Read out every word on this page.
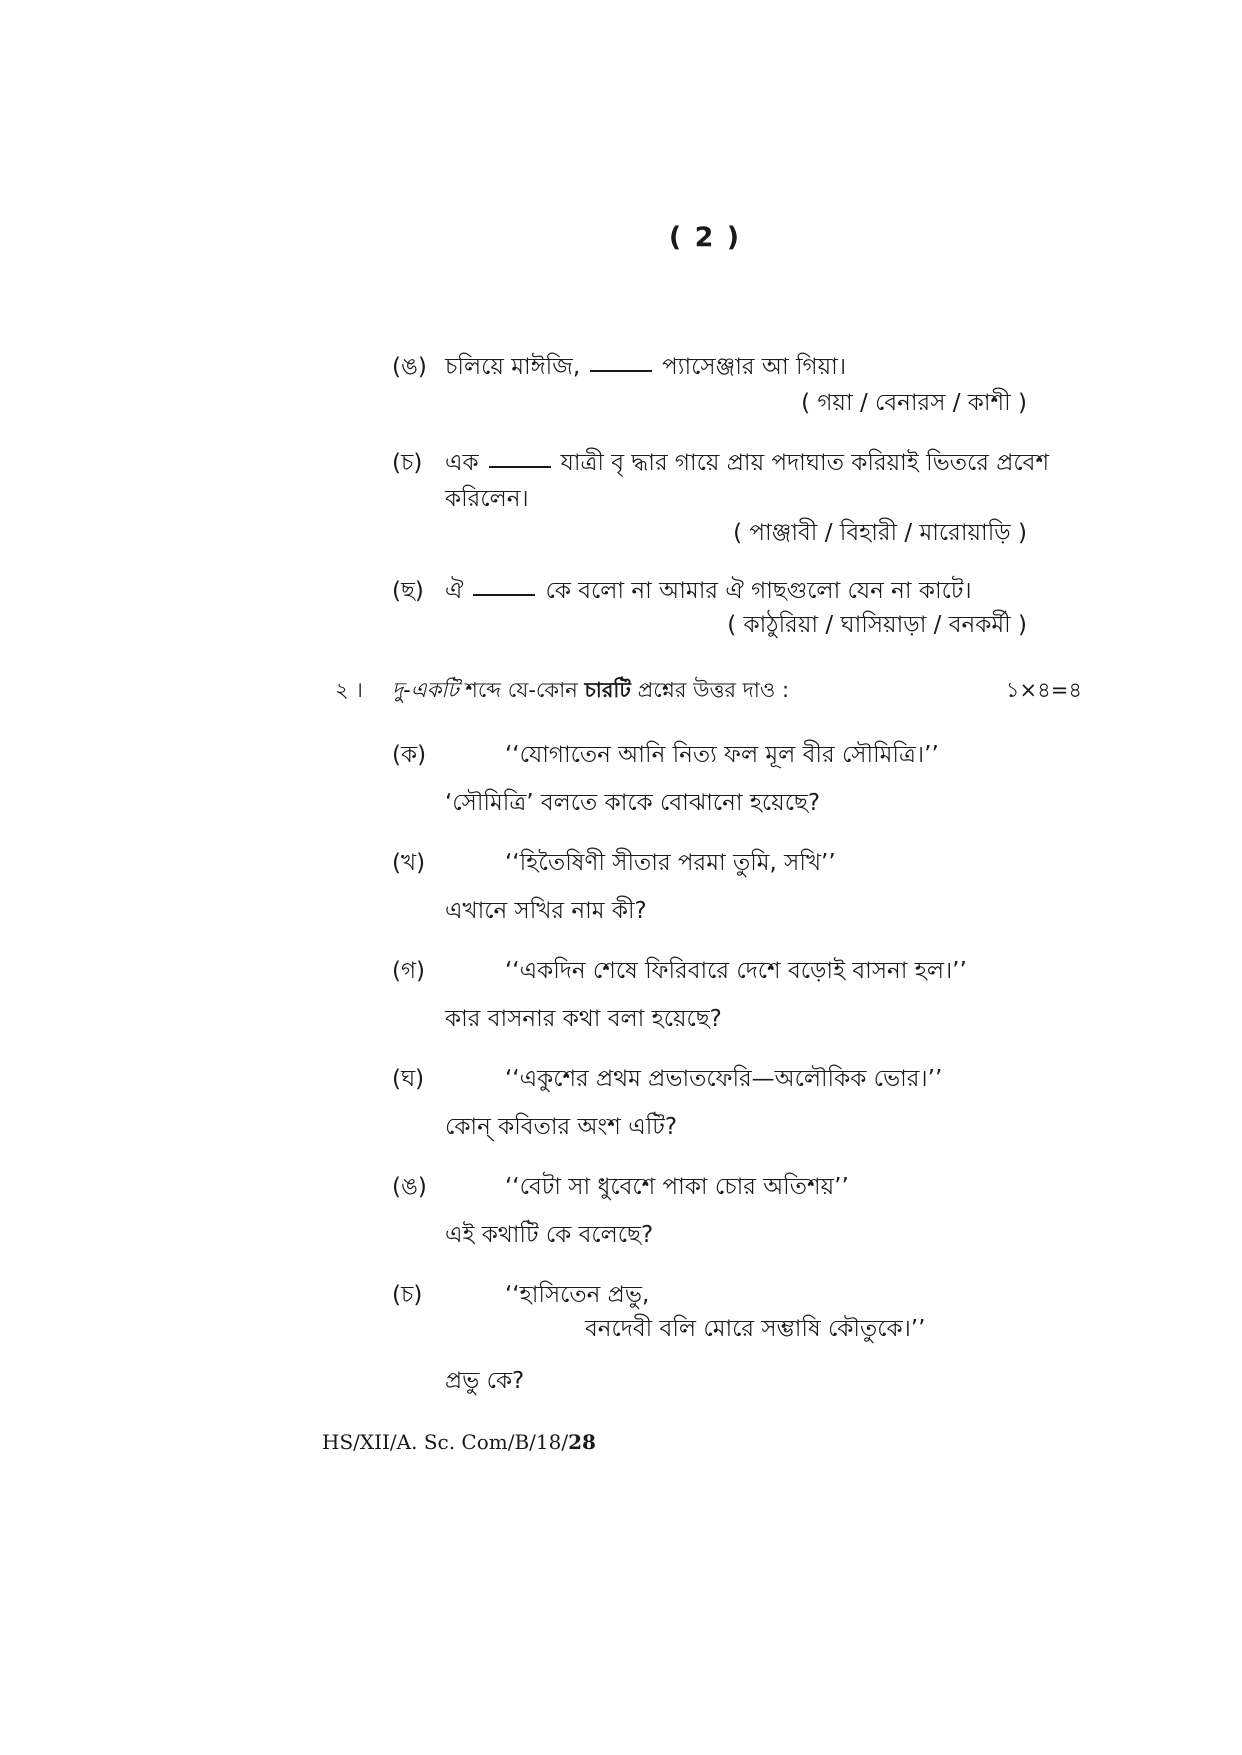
( 2 )
(ঙ) চলিয়ে মাঈজি,	প্যাসেঞ্জার আ গিয়া।
( গয়া / বেনারস / কাশী )
(চ) এক	যাত্রী বৃ দ্ধার গায়ে প্রায় পদাঘাত করিয়াই ভিতরে প্রবেশ
করিলেন।
( পাঞ্জাবী / বিহারী / মারোয়াড়ি )
(ছ) ঐ	কে বলো না আমার ঐ গাছগুলো যেন না কাটে।
( কাঠুরিয়া / ঘাসিয়াড়া / বনকর্মী )
২ । দু-একটি শব্দে যে-কোন চারটি প্রশ্নের উত্তর দাও :	১×৪=৪
(ক)	‘‘যোগাতেন আনি নিত্য ফল মূল বীর সৌমিত্রি।’’
‘সৌমিত্রি’ বলতে কাকে বোঝানো হয়েছে?
(খ)	‘‘হিতৈষিণী সীতার পরমা তুমি, সখি’’
এখানে সখির নাম কী?
(গ)	‘‘একদিন শেষে ফিরিবারে দেশে বড়োই বাসনা হল।’’
কার বাসনার কথা বলা হয়েছে?
(ঘ)	‘‘একুশের প্রথম প্রভাতফেরি—অলৌকিক ভোর।’’
কোন্ কবিতার অংশ এটি?
(ঙ)	‘‘বেটা সা ধুবেশে পাকা চোর অতিশয়’’
এই কথাটি কে বলেছে?
(চ)	‘‘হাসিতেন প্রভু,
বনদেবী বলি মোরে সম্ভাষি কৌতুকে।’’
প্রভু কে?
HS/XII/A. Sc. Com/B/18/28
